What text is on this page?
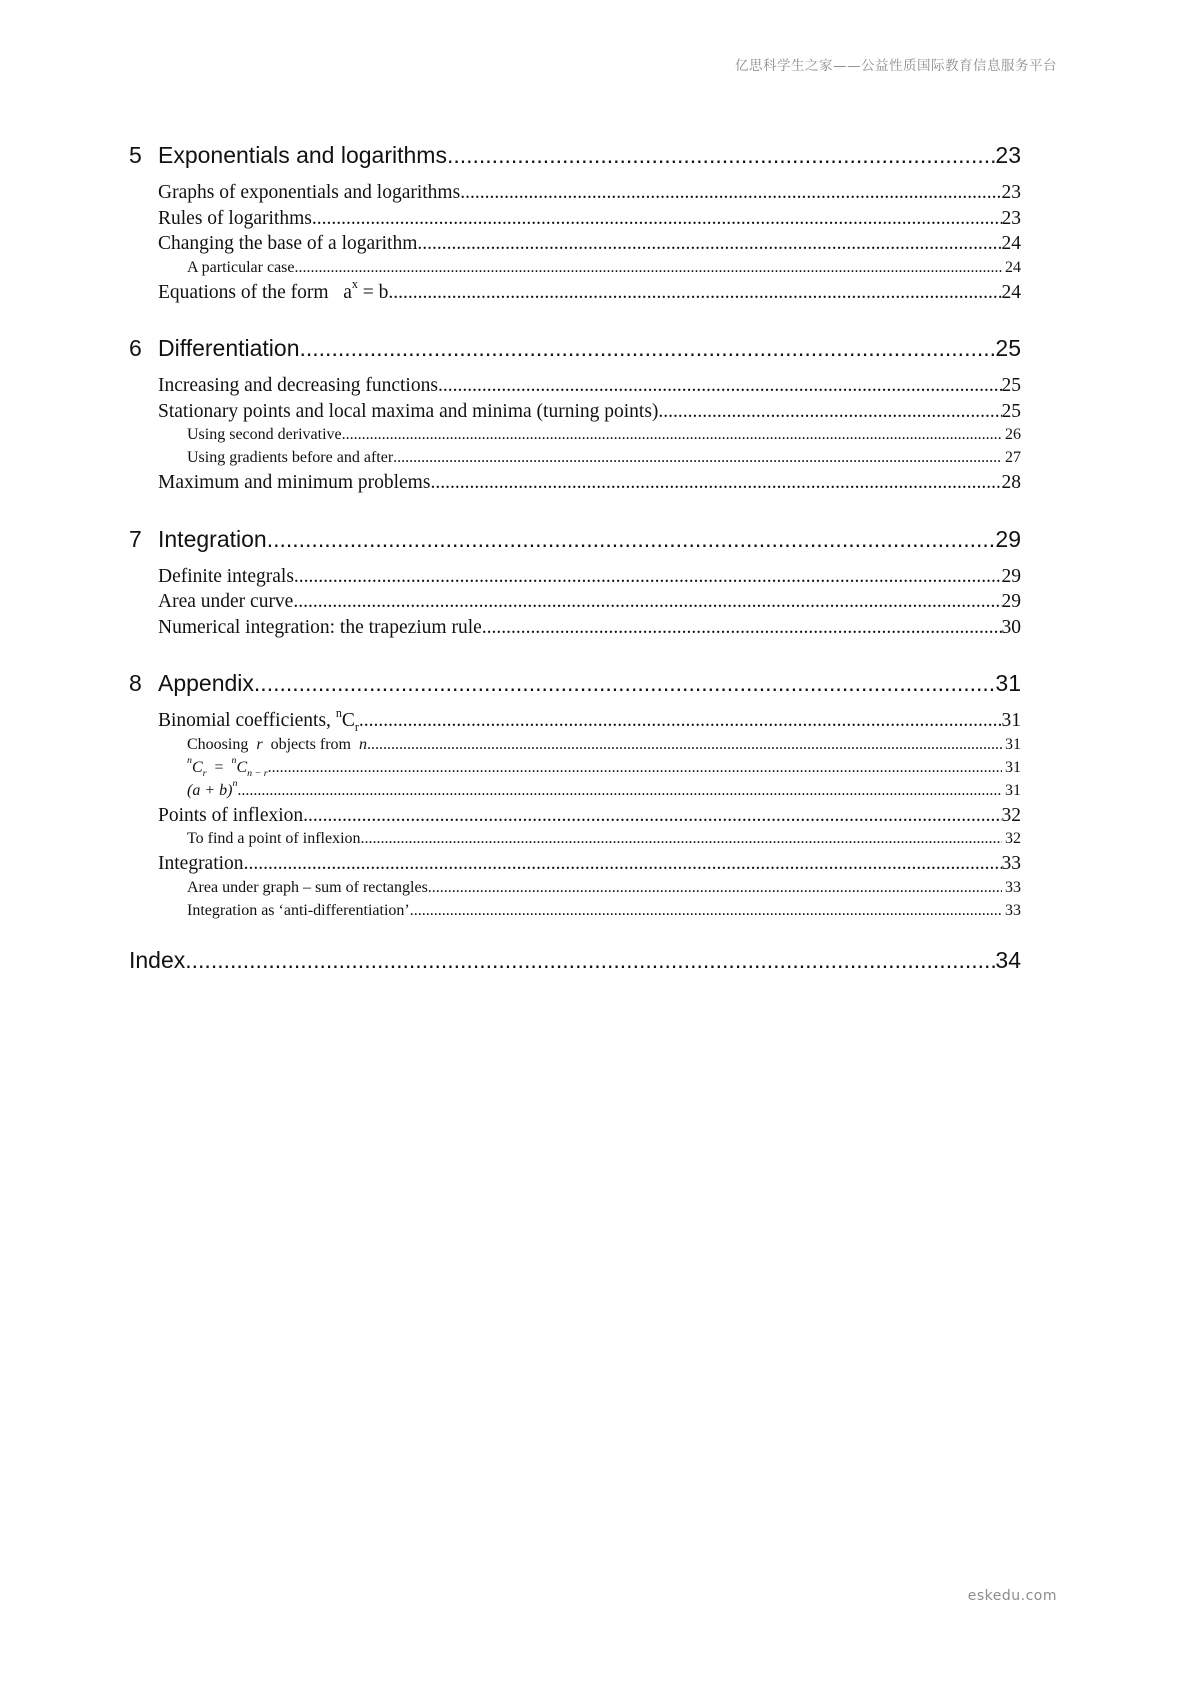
亿思科学生之家——公益性质国际教育信息服务平台
5 Exponentials and logarithms .....	23
Graphs of exponentials and logarithms .....	23
Rules of logarithms .....	23
Changing the base of a logarithm .....	24
A particular case .....	24
Equations of the form $a^x = b$ .....	24
6 Differentiation .....	25
Increasing and decreasing functions .....	25
Stationary points and local maxima and minima (turning points). .....	25
Using second derivative .....	26
Using gradients before and after .....	27
Maximum and minimum problems .....	28
7 Integration .....	29
Definite integrals .....	29
Area under curve .....	29
Numerical integration: the trapezium rule .....	30
8 Appendix .....	31
Binomial coefficients, $^nC_r$ .....	31
Choosing r objects from n .....	31
$^nC_r = ^nC_{n - r}$ .....	31
$(a + b)^n$ .....	31
Points of inflexion .....	32
To find a point of inflexion .....	32
Integration .....	33
Area under graph – sum of rectangles .....	33
Integration as ‘anti-differentiation’ .....	33
Index .....	34
eskedu.com
